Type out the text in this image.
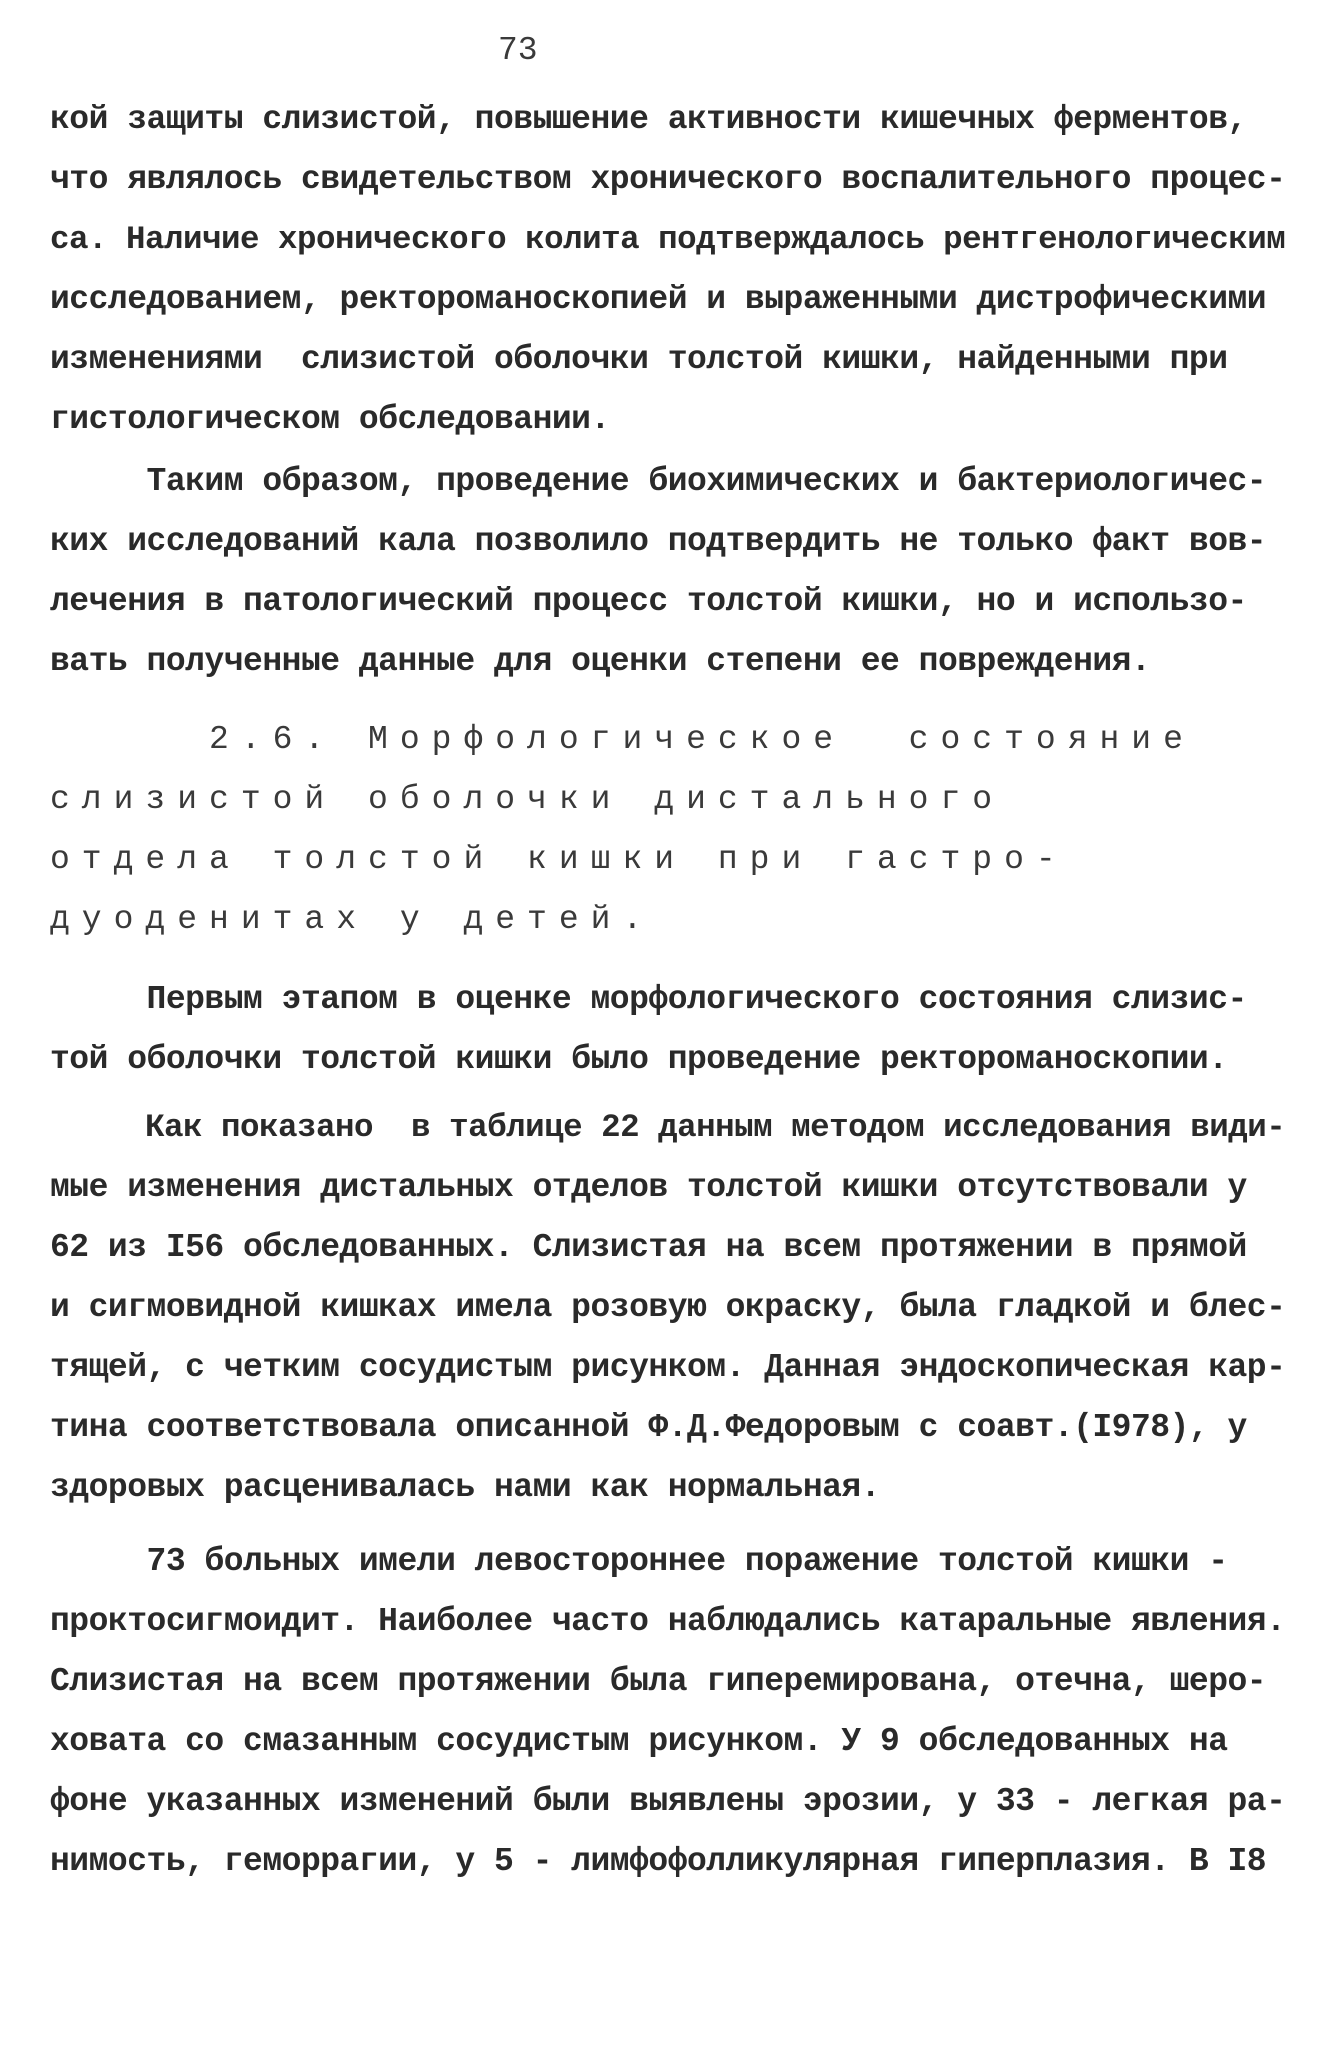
73
кой защиты слизистой, повышение активности кишечных ферментов,
что являлось свидетельством хронического воспалительного процес-
са. Наличие хронического колита подтверждалось рентгенологическим
исследованием, ректороманоскопией и выраженными дистрофическими
изменениями  слизистой оболочки толстой кишки, найденными при
гистологическом обследовании.
Таким образом, проведение биохимических и бактериологичес-
ких исследований кала позволило подтвердить не только факт вов-
лечения в патологический процесс толстой кишки, но и использо-
вать полученные данные для оценки степени ее повреждения.
2.6. Морфологическое  состояние
слизистой оболочки дистального
отдела толстой кишки при гастро-
дуоденитах у детей.
Первым этапом в оценке морфологического состояния слизис-
той оболочки толстой кишки было проведение ректороманоскопии.
Как показано  в таблице 22 данным методом исследования види-
мые изменения дистальных отделов толстой кишки отсутствовали у
62 из I56 обследованных. Слизистая на всем протяжении в прямой
и сигмовидной кишках имела розовую окраску, была гладкой и блес-
тящей, с четким сосудистым рисунком. Данная эндоскопическая кар-
тина соответствовала описанной Ф.Д.Федоровым с соавт.(I978), у
здоровых расценивалась нами как нормальная.
73 больных имели левостороннее поражение толстой кишки -
проктосигмоидит. Наиболее часто наблюдались катаральные явления.
Слизистая на всем протяжении была гиперемирована, отечна, шеро-
ховата со смазанным сосудистым рисунком. У 9 обследованных на
фоне указанных изменений были выявлены эрозии, у 33 - легкая ра-
нимость, геморрагии, у 5 - лимфофолликулярная гиперплазия. В I8
